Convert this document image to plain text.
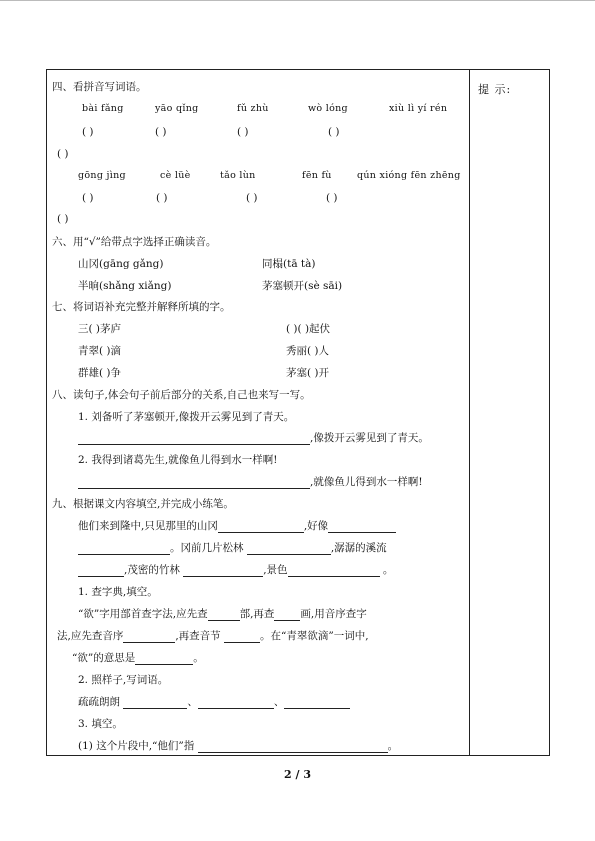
提 示:
四、看拼音写词语。
bài fǎng	yāo qǐng	fǔ zhù	wò lóng	xiù lì yí rén
( )	( )	( )	( )
( )
gōng jìng	cè lüè	tǎo lùn	fēn fù	qún xióng fēn zhēng
( )	( )	( )	( )
( )
六、用“√”给带点字选择正确读音。
山冈(gāng gǎng)	同榻(tā tà)
半晌(shǎng xiǎng)	茅塞顿开(sè sāi)
七、将词语补充完整并解释所填的字。
三( )茅庐	( )( )起伏
青翠( )滴	秀丽( )人
群雄( )争	茅塞( )开
八、读句子,体会句子前后部分的关系,自己也来写一写。
1. 刘备听了茅塞顿开,像拨开云雾见到了青天。
,像拨开云雾见到了青天。
2. 我得到诸葛先生,就像鱼儿得到水一样啊!
,就像鱼儿得到水一样啊!
九、根据课文内容填空,并完成小练笔。
他们来到隆中,只见那里的山冈	,好像
。冈前几片松林	,潺潺的溪流
,茂密的竹林	,景色	。
1. 查字典,填空。
“欲”字用部首查字法,应先查	部,再查 画,用音序查字
法,应先查音序	,再查音节	。在“青翠欲滴”一词中,
“欲”的意思是	。
2. 照样子,写词语。
疏疏朗朗	、	、
3. 填空。
(1) 这个片段中,“他们”指	。
2 / 3
